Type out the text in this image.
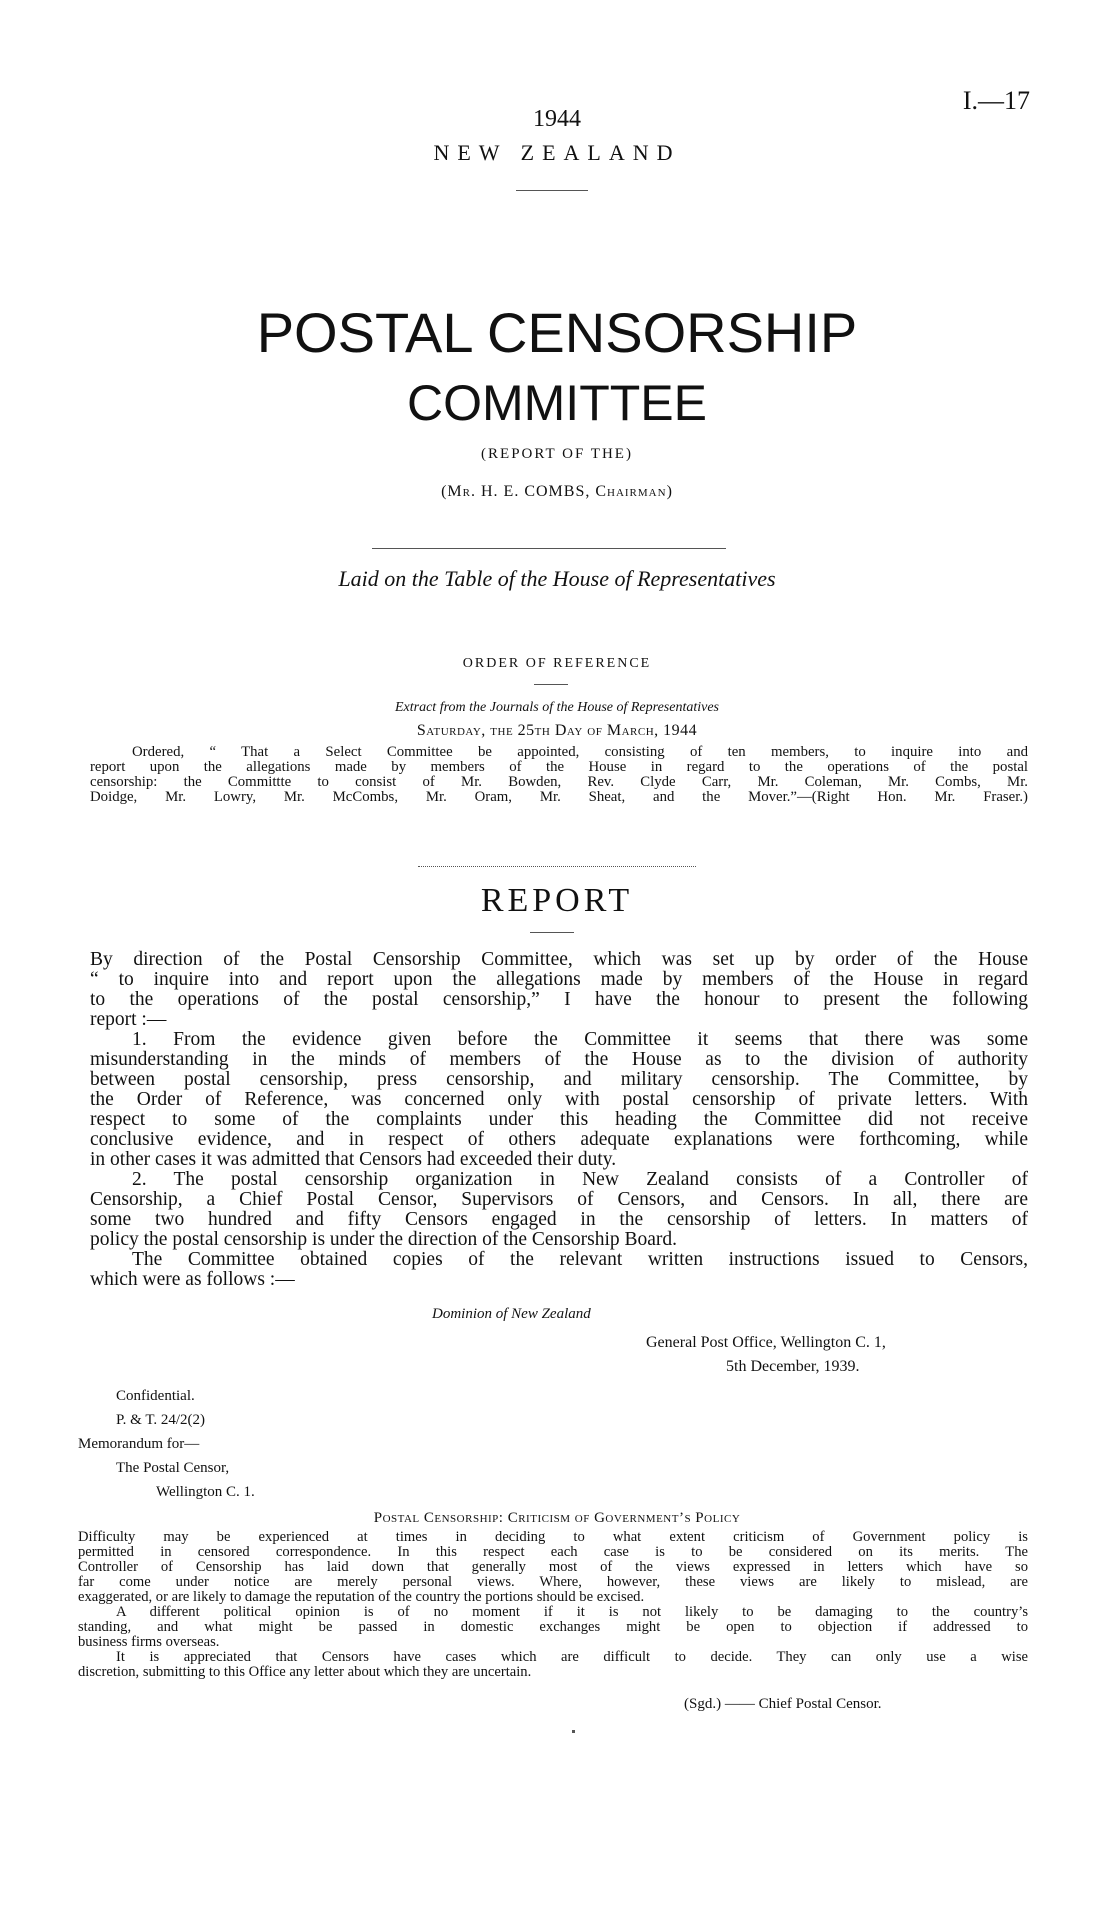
I.—17
1944
NEW ZEALAND
POSTAL CENSORSHIP
COMMITTEE
(REPORT OF THE)
(Mr. H. E. COMBS, Chairman)
Laid on the Table of the House of Representatives
ORDER OF REFERENCE
Extract from the Journals of the House of Representatives
Saturday, the 25th Day of March, 1944
Ordered, “ That a Select Committee be appointed, consisting of ten members, to inquire into and
report upon the allegations made by members of the House in regard to the operations of the postal
censorship: the Committte to consist of Mr. Bowden, Rev. Clyde Carr, Mr. Coleman, Mr. Combs, Mr.
Doidge, Mr. Lowry, Mr. McCombs, Mr. Oram, Mr. Sheat, and the Mover.”—(Right Hon. Mr. Fraser.)
REPORT
By direction of the Postal Censorship Committee, which was set up by order of the House
“ to inquire into and report upon the allegations made by members of the House in regard
to the operations of the postal censorship,” I have the honour to present the following
report :—
1. From the evidence given before the Committee it seems that there was some
misunderstanding in the minds of members of the House as to the division of authority
between postal censorship, press censorship, and military censorship. The Committee, by
the Order of Reference, was concerned only with postal censorship of private letters. With
respect to some of the complaints under this heading the Committee did not receive
conclusive evidence, and in respect of others adequate explanations were forthcoming, while
in other cases it was admitted that Censors had exceeded their duty.
2. The postal censorship organization in New Zealand consists of a Controller of
Censorship, a Chief Postal Censor, Supervisors of Censors, and Censors. In all, there are
some two hundred and fifty Censors engaged in the censorship of letters. In matters of
policy the postal censorship is under the direction of the Censorship Board.
The Committee obtained copies of the relevant written instructions issued to Censors,
which were as follows :—
Dominion of New Zealand
General Post Office, Wellington C. 1,
5th December, 1939.
Confidential.
P. & T. 24/2(2)
Memorandum for—
The Postal Censor,
Wellington C. 1.
Postal Censorship: Criticism of Government’s Policy
Difficulty may be experienced at times in deciding to what extent criticism of Government policy is
permitted in censored correspondence. In this respect each case is to be considered on its merits. The
Controller of Censorship has laid down that generally most of the views expressed in letters which have so
far come under notice are merely personal views. Where, however, these views are likely to mislead, are
exaggerated, or are likely to damage the reputation of the country the portions should be excised.
A different political opinion is of no moment if it is not likely to be damaging to the country’s
standing, and what might be passed in domestic exchanges might be open to objection if addressed to
business firms overseas.
It is appreciated that Censors have cases which are difficult to decide. They can only use a wise
discretion, submitting to this Office any letter about which they are uncertain.
(Sgd.) —— Chief Postal Censor.
